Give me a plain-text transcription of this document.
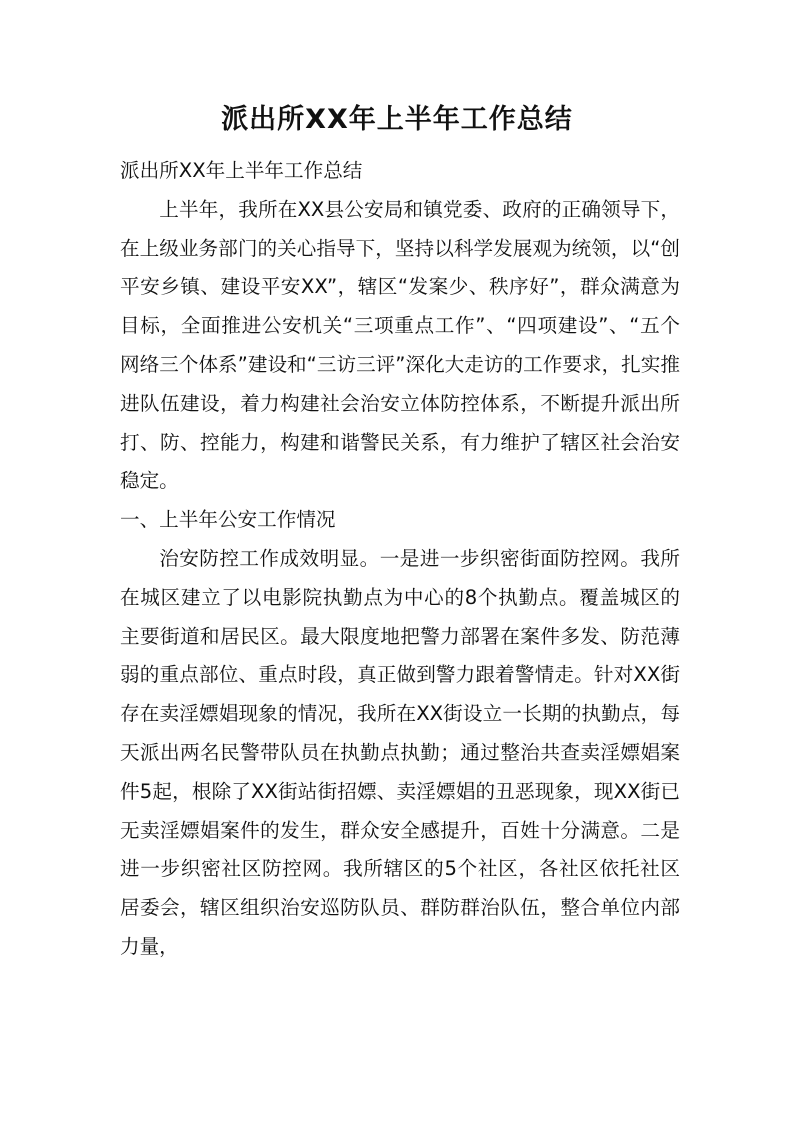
派出所XX年上半年工作总结

派出所XX年上半年工作总结

上半年，我所在XX县公安局和镇党委、政府的正确领导下，在上级业务部门的关心指导下，坚持以科学发展观为统领，以“创平安乡镇、建设平安XX”，辖区“发案少、秩序好”，群众满意为目标，全面推进公安机关“三项重点工作”、“四项建设”、“五个网络三个体系”建设和“三访三评”深化大走访的工作要求，扎实推进队伍建设，着力构建社会治安立体防控体系，不断提升派出所打、防、控能力，构建和谐警民关系，有力维护了辖区社会治安稳定。

一、上半年公安工作情况

治安防控工作成效明显。一是进一步织密街面防控网。我所在城区建立了以电影院执勤点为中心的8个执勤点。覆盖城区的主要街道和居民区。最大限度地把警力部署在案件多发、防范薄弱的重点部位、重点时段，真正做到警力跟着警情走。针对XX街存在卖淫嫖娼现象的情况，我所在XX街设立一长期的执勤点，每天派出两名民警带队员在执勤点执勤；通过整治共查卖淫嫖娼案件5起，根除了XX街站街招嫖、卖淫嫖娼的丑恶现象，现XX街已无卖淫嫖娼案件的发生，群众安全感提升，百姓十分满意。二是进一步织密社区防控网。我所辖区的5个社区，各社区依托社区居委会，辖区组织治安巡防队员、群防群治队伍，整合单位内部力量，
